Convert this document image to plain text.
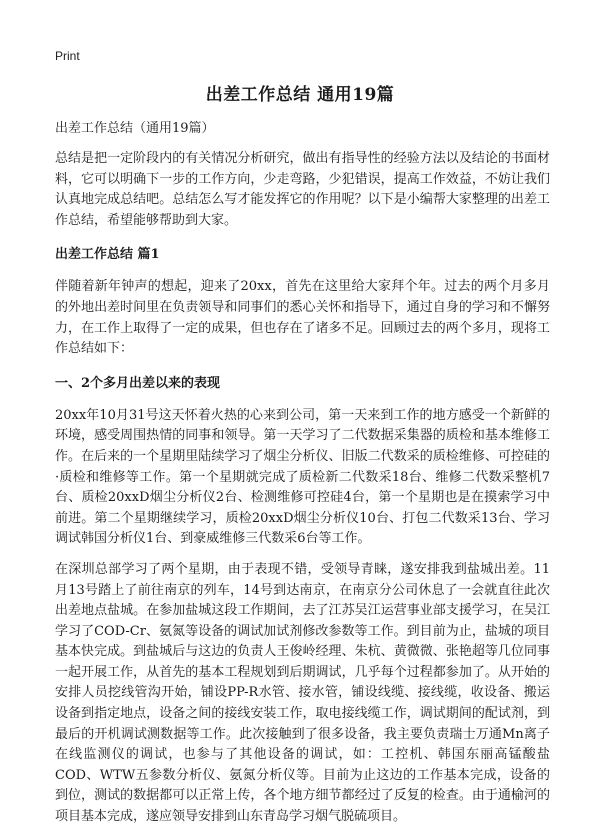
Print
出差工作总结 通用19篇
出差工作总结（通用19篇）

总结是把一定阶段内的有关情况分析研究，做出有指导性的经验方法以及结论的书面材料，它可以明确下一步的工作方向，少走弯路，少犯错误，提高工作效益，不妨让我们认真地完成总结吧。总结怎么写才能发挥它的作用呢？以下是小编帮大家整理的出差工作总结，希望能够帮助到大家。

出差工作总结 篇1

伴随着新年钟声的想起，迎来了20xx，首先在这里给大家拜个年。过去的两个月多月的外地出差时间里在负责领导和同事们的悉心关怀和指导下，通过自身的学习和不懈努力，在工作上取得了一定的成果，但也存在了诸多不足。回顾过去的两个多月，现将工作总结如下：

一、2个多月出差以来的表现

20xx年10月31号这天怀着火热的心来到公司，第一天来到工作的地方感受一个新鲜的环境，感受周围热情的同事和领导。第一天学习了二代数据采集器的质检和基本维修工作。在后来的一个星期里陆续学习了烟尘分析仪、旧版二代数采的质检维修、可控硅的·质检和维修等工作。第一个星期就完成了质检新二代数采18台、维修二代数采整机7台、质检20xxD烟尘分析仪2台、检测维修可控硅4台，第一个星期也是在摸索学习中前进。第二个星期继续学习，质检20xxD烟尘分析仪10台、打包二代数采13台、学习调试韩国分析仪1台、到豪威维修三代数采6台等工作。

在深圳总部学习了两个星期，由于表现不错，受领导青睐，遂安排我到盐城出差。11月13号踏上了前往南京的列车，14号到达南京，在南京分公司休息了一会就直往此次出差地点盐城。在参加盐城这段工作期间，去了江苏吴江运营事业部支援学习，在吴江学习了COD-Cr、氨氮等设备的调试加试剂修改参数等工作。到目前为止，盐城的项目基本快完成。到盐城后与这边的负责人王俊岭经理、朱杭、黄微微、张艳超等几位同事一起开展工作，从首先的基本工程规划到后期调试，几乎每个过程都参加了。从开始的安排人员挖线管沟开始，铺设PP-R水管、接水管，铺设线缆、接线缆，收设备、搬运设备到指定地点，设备之间的接线安装工作，取电接线缆工作，调试期间的配试剂，到最后的开机调试测数据等工作。此次接触到了很多设备，我主要负责瑞士万通Mn离子在线监测仪的调试，也参与了其他设备的调试，如：工控机、韩国东丽高锰酸盐COD、WTW五参数分析仪、氨氮分析仪等。目前为止这边的工作基本完成，设备的到位，测试的数据都可以正常上传，各个地方细节都经过了反复的检查。由于通榆河的项目基本完成，遂应领导安排到山东青岛学习烟气脱硫项目。
